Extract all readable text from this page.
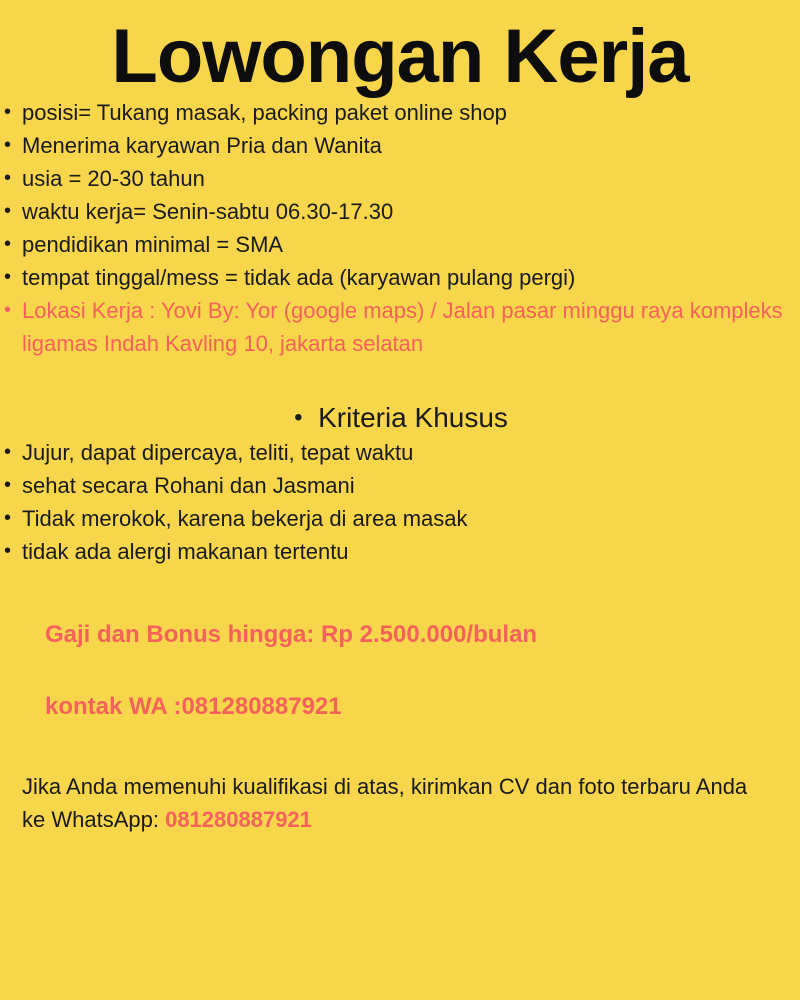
Lowongan Kerja
• posisi= Tukang masak, packing paket online shop
• Menerima karyawan Pria dan Wanita
• usia = 20-30 tahun
• waktu kerja= Senin-sabtu 06.30-17.30
• pendidikan minimal = SMA
• tempat tinggal/mess = tidak ada (karyawan pulang pergi)
• Lokasi Kerja : Yovi By: Yor (google maps) / Jalan pasar minggu raya kompleks ligamas Indah Kavling 10, jakarta selatan
• Kriteria Khusus
• Jujur, dapat dipercaya, teliti, tepat waktu
• sehat secara Rohani dan Jasmani
• Tidak merokok, karena bekerja di area masak
• tidak ada alergi makanan tertentu
Gaji dan Bonus hingga: Rp 2.500.000/bulan
kontak WA :081280887921

Jika Anda memenuhi kualifikasi di atas, kirimkan CV dan foto terbaru Anda ke WhatsApp: 081280887921
